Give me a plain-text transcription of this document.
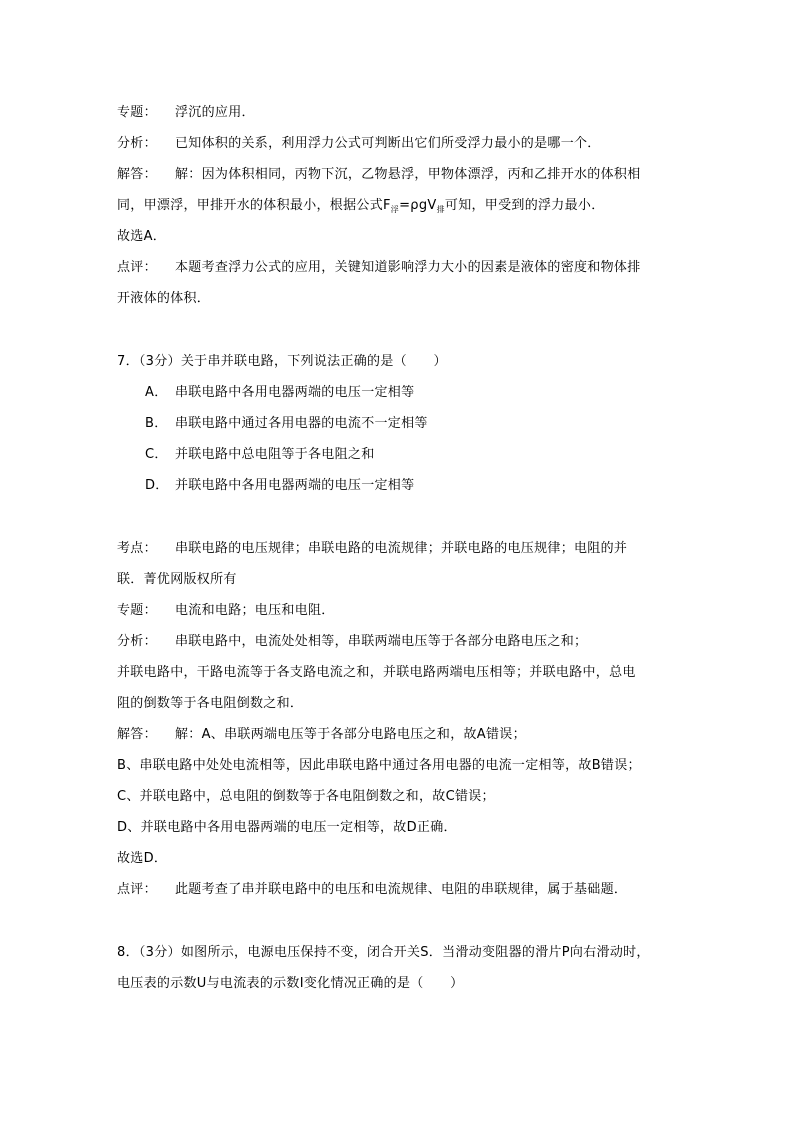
专题： 浮沉的应用．
分析： 已知体积的关系，利用浮力公式可判断出它们所受浮力最小的是哪一个．
解答： 解：因为体积相同，丙物下沉，乙物悬浮，甲物体漂浮，丙和乙排开水的体积相
同，甲漂浮，甲排开水的体积最小，根据公式$F_浮=\rho gV_排$可知，甲受到的浮力最小．
故选A．
点评： 本题考查浮力公式的应用，关键知道影响浮力大小的因素是液体的密度和物体排
开液体的体积．
7．（3分）关于串并联电路，下列说法正确的是（　　）
A． 串联电路中各用电器两端的电压一定相等
B． 串联电路中通过各用电器的电流不一定相等
C． 并联电路中总电阻等于各电阻之和
D． 并联电路中各用电器两端的电压一定相等
考点： 串联电路的电压规律；串联电路的电流规律；并联电路的电压规律；电阻的并
联．菁优网版权所有
专题： 电流和电路；电压和电阻．
分析： 串联电路中，电流处处相等，串联两端电压等于各部分电路电压之和；
并联电路中，干路电流等于各支路电流之和，并联电路两端电压相等；并联电路中，总电
阻的倒数等于各电阻倒数之和．
解答： 解：A、串联两端电压等于各部分电路电压之和，故A错误；
B、串联电路中处处电流相等，因此串联电路中通过各用电器的电流一定相等，故B错误；
C、并联电路中，总电阻的倒数等于各电阻倒数之和，故C错误；
D、并联电路中各用电器两端的电压一定相等，故D正确．
故选D．
点评： 此题考查了串并联电路中的电压和电流规律、电阻的串联规律，属于基础题．
8．（3分）如图所示，电源电压保持不变，闭合开关S．当滑动变阻器的滑片P向右滑动时，
电压表的示数U与电流表的示数I变化情况正确的是（　　）
